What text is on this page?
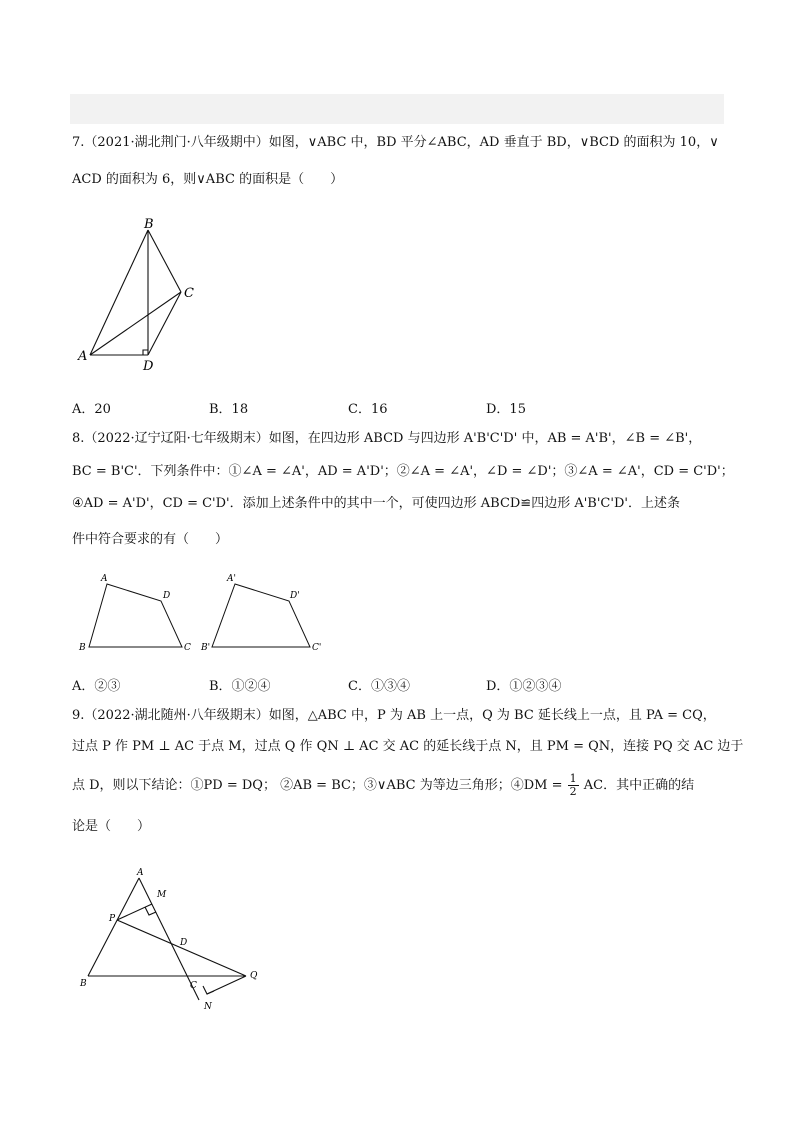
7.（2021·湖北荆门·八年级期中）如图，∨ABC 中，BD 平分∠ABC，AD 垂直于 BD，∨BCD 的面积为 10，∨
ACD 的面积为 6，则∨ABC 的面积是（　　）
B
C
A
D
A．20	B．18	C．16	D．15
8.（2022·辽宁辽阳·七年级期末）如图，在四边形 ABCD 与四边形 A'B'C'D' 中，AB = A'B'，∠B = ∠B'，
BC = B'C'．下列条件中：①∠A = ∠A'，AD = A'D'；②∠A = ∠A'，∠D = ∠D'；③∠A = ∠A'，CD = C'D'；
④AD = A'D'，CD = C'D'．添加上述条件中的其中一个，可使四边形 ABCD≌四边形 A'B'C'D'．上述条
件中符合要求的有（　　）
A
D
B	C
A'
D'
B'	C'
A．②③	B．①②④	C．①③④	D．①②③④
9.（2022·湖北随州·八年级期末）如图，△ABC 中，P 为 AB 上一点，Q 为 BC 延长线上一点，且 PA = CQ，
过点 P 作 PM ⊥ AC 于点 M，过点 Q 作 QN ⊥ AC 交 AC 的延长线于点 N，且 PM = QN，连接 PQ 交 AC 边于
点 D，则以下结论：①PD = DQ； ②AB = BC；③∨ABC 为等边三角形；④DM = $\frac{1}{2}$ AC．其中正确的结
论是（　　）
A
M
P
D
B	C
Q
N
